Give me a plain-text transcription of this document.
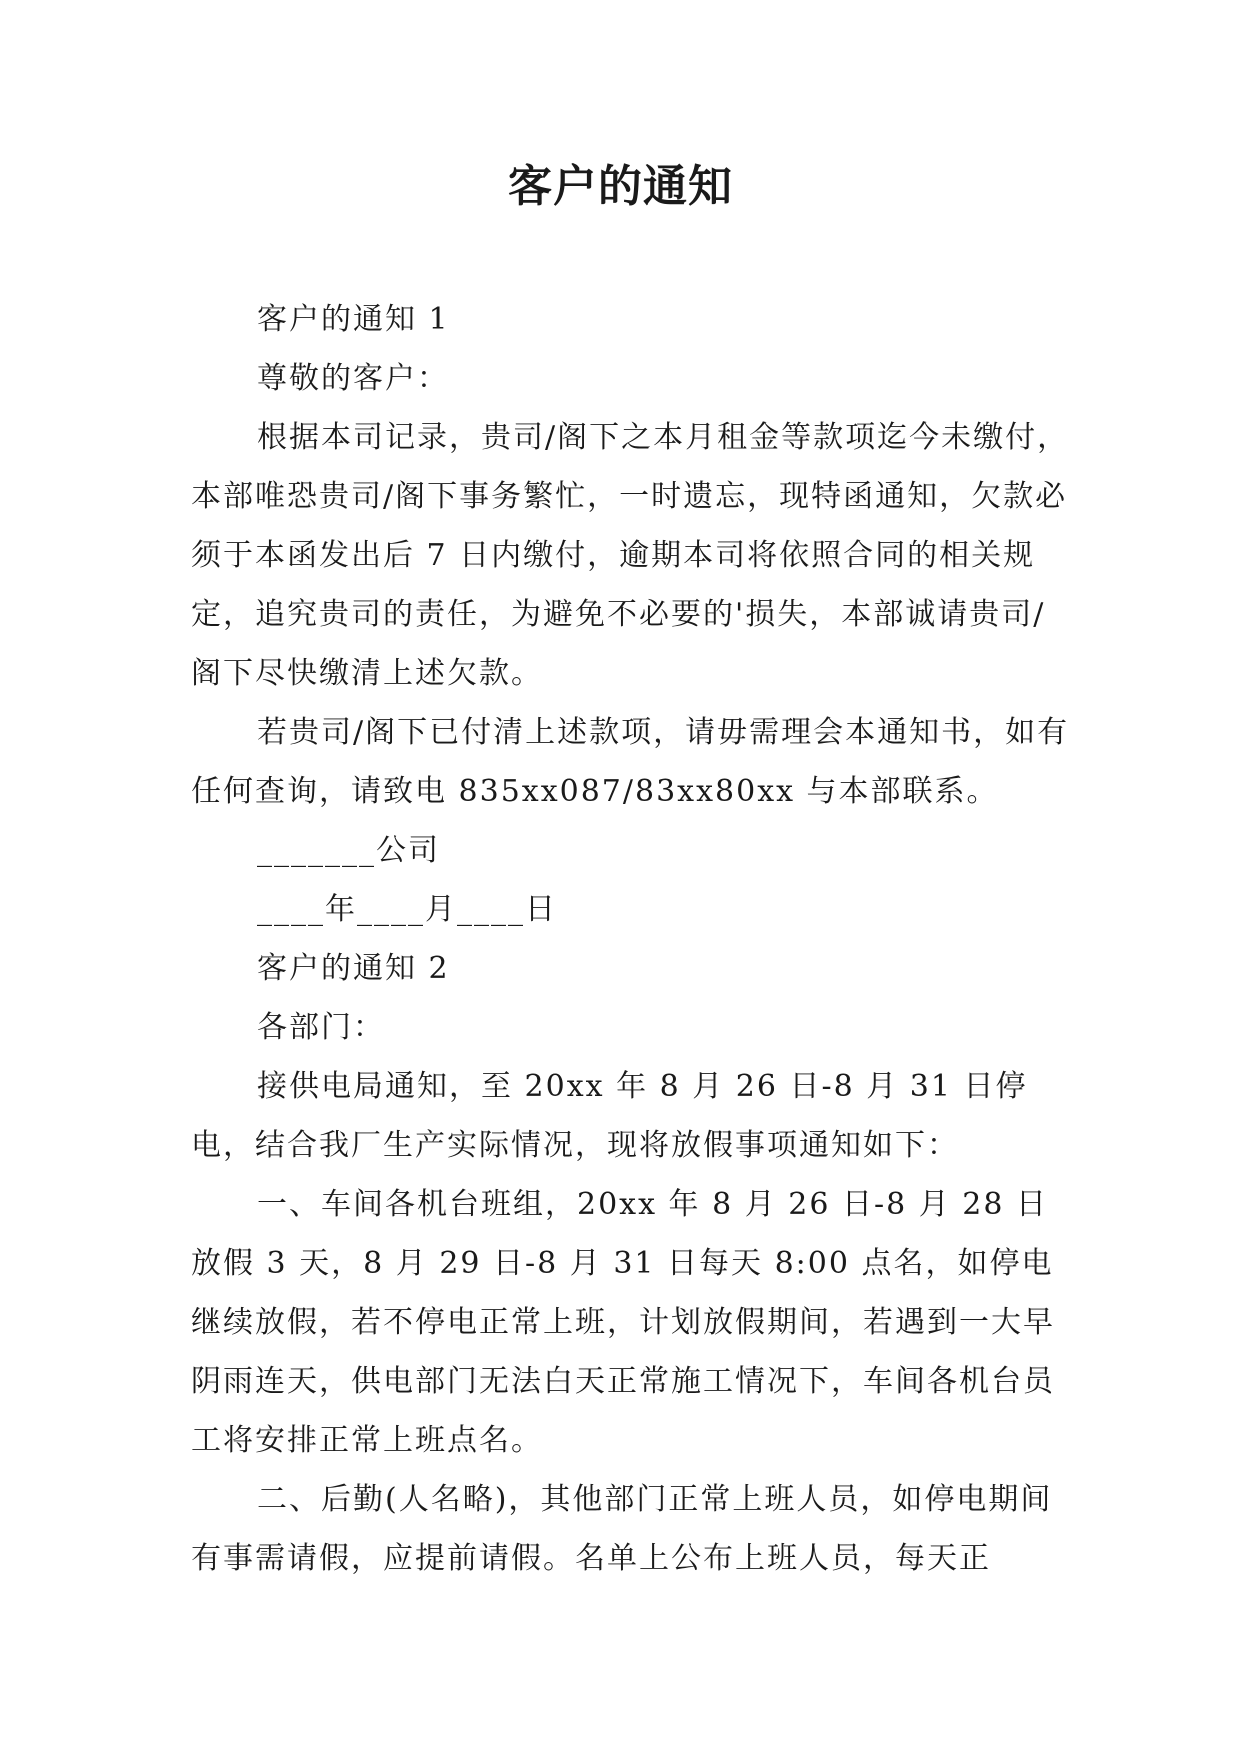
客户的通知

客户的通知 1

尊敬的客户：

根据本司记录，贵司/阁下之本月租金等款项迄今未缴付，本部唯恐贵司/阁下事务繁忙，一时遗忘，现特函通知，欠款必须于本函发出后 7 日内缴付，逾期本司将依照合同的相关规定，追究贵司的责任，为避免不必要的'损失，本部诚请贵司/阁下尽快缴清上述欠款。

若贵司/阁下已付清上述款项，请毋需理会本通知书，如有任何查询，请致电 835xx087/83xx80xx 与本部联系。

_______公司

____年____月____日

客户的通知 2

各部门：

接供电局通知，至 20xx 年 8 月 26 日-8 月 31 日停电，结合我厂生产实际情况，现将放假事项通知如下：

一、车间各机台班组，20xx 年 8 月 26 日-8 月 28 日放假 3 天，8 月 29 日-8 月 31 日每天 8:00 点名，如停电继续放假，若不停电正常上班，计划放假期间，若遇到一大早阴雨连天，供电部门无法白天正常施工情况下，车间各机台员工将安排正常上班点名。

二、后勤(人名略)，其他部门正常上班人员，如停电期间有事需请假，应提前请假。名单上公布上班人员，每天正
